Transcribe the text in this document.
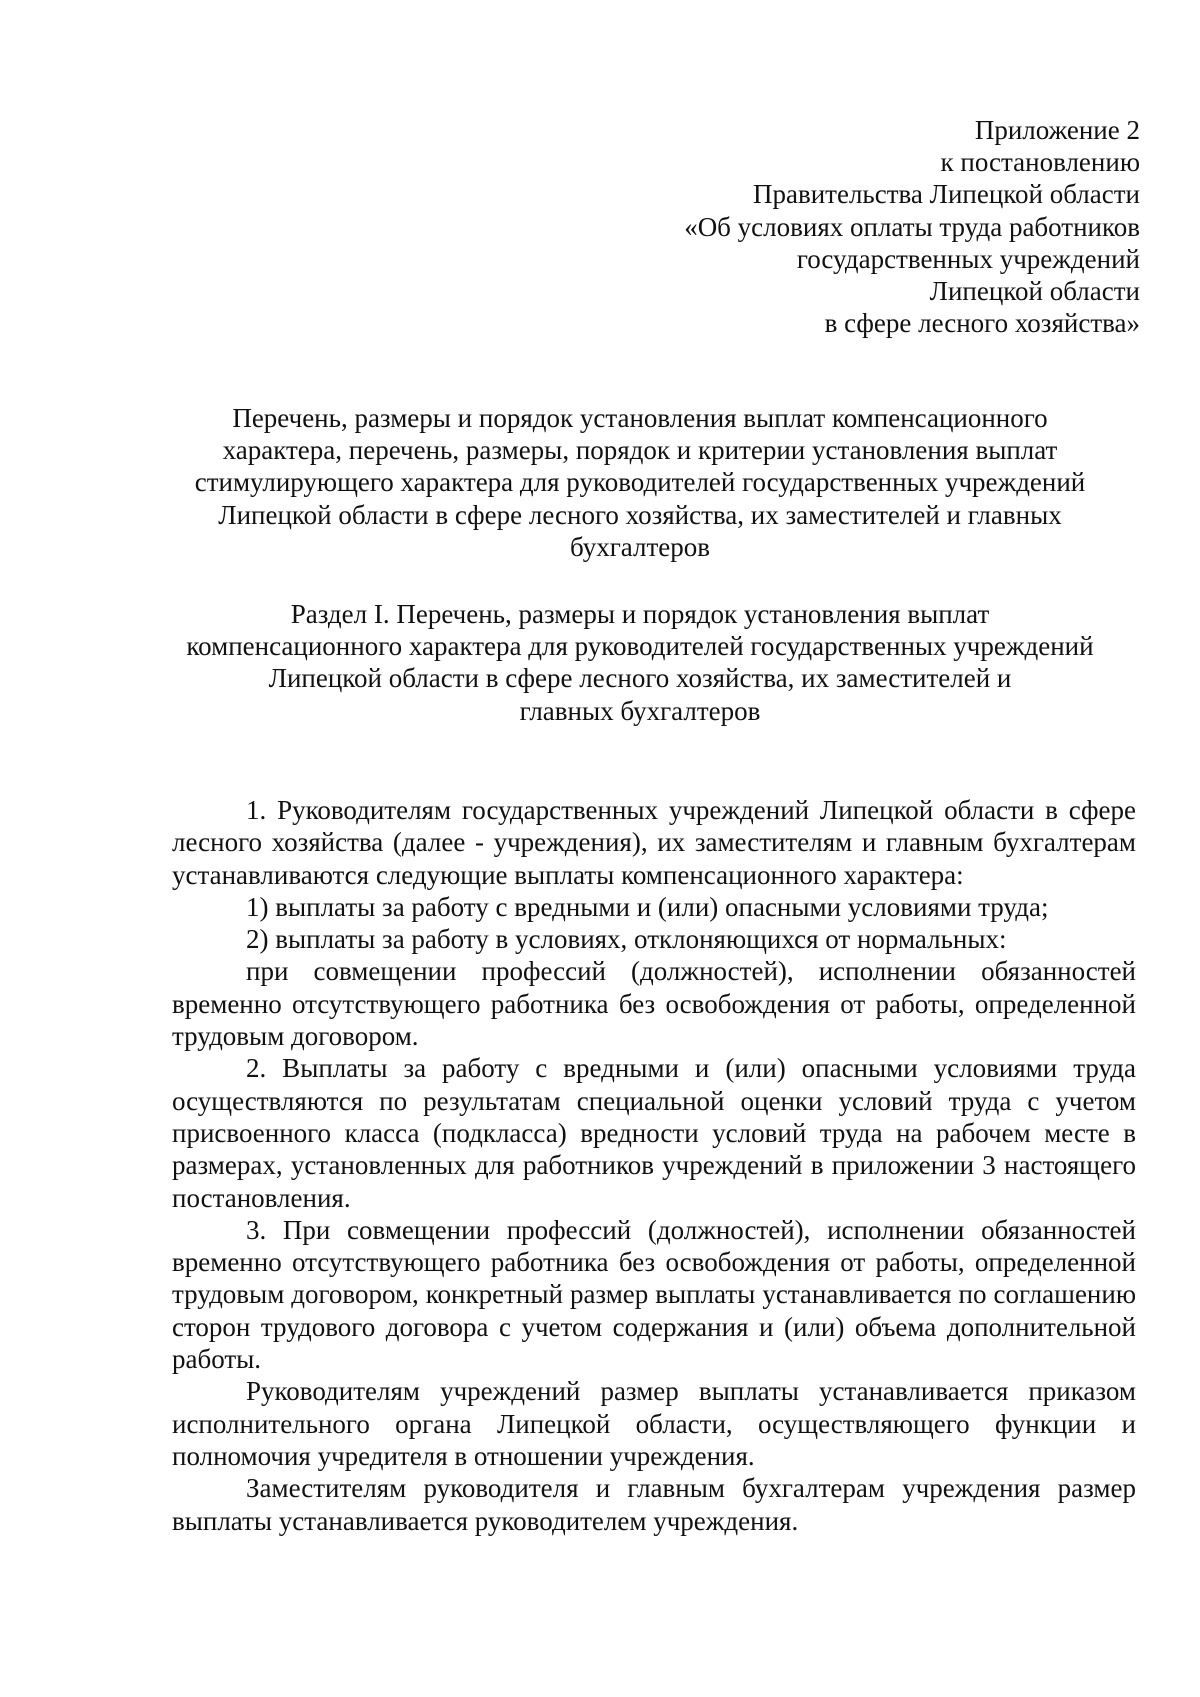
Приложение 2
к постановлению
Правительства Липецкой области
«Об условиях оплаты труда работников
государственных учреждений
Липецкой области
в сфере лесного хозяйства»
Перечень, размеры и порядок установления выплат компенсационного
характера, перечень, размеры, порядок и критерии установления выплат
стимулирующего характера для руководителей государственных учреждений
Липецкой области в сфере лесного хозяйства, их заместителей и главных
бухгалтеров
Раздел I. Перечень, размеры и порядок установления выплат
компенсационного характера для руководителей государственных учреждений
Липецкой области в сфере лесного хозяйства, их заместителей и
главных бухгалтеров

1. Руководителям государственных учреждений Липецкой области в сфере лесного хозяйства (далее - учреждения), их заместителям и главным бухгалтерам устанавливаются следующие выплаты компенсационного характера:

1) выплаты за работу с вредными и (или) опасными условиями труда;

2) выплаты за работу в условиях, отклоняющихся от нормальных:

при совмещении профессий (должностей), исполнении обязанностей временно отсутствующего работника без освобождения от работы, определенной трудовым договором.

2. Выплаты за работу с вредными и (или) опасными условиями труда осуществляются по результатам специальной оценки условий труда с учетом присвоенного класса (подкласса) вредности условий труда на рабочем месте в размерах, установленных для работников учреждений в приложении 3 настоящего постановления.

3. При совмещении профессий (должностей), исполнении обязанностей временно отсутствующего работника без освобождения от работы, определенной трудовым договором, конкретный размер выплаты устанавливается по соглашению сторон трудового договора с учетом содержания и (или) объема дополнительной работы.

Руководителям учреждений размер выплаты устанавливается приказом исполнительного органа Липецкой области, осуществляющего функции и полномочия учредителя в отношении учреждения.

Заместителям руководителя и главным бухгалтерам учреждения размер выплаты устанавливается руководителем учреждения.
